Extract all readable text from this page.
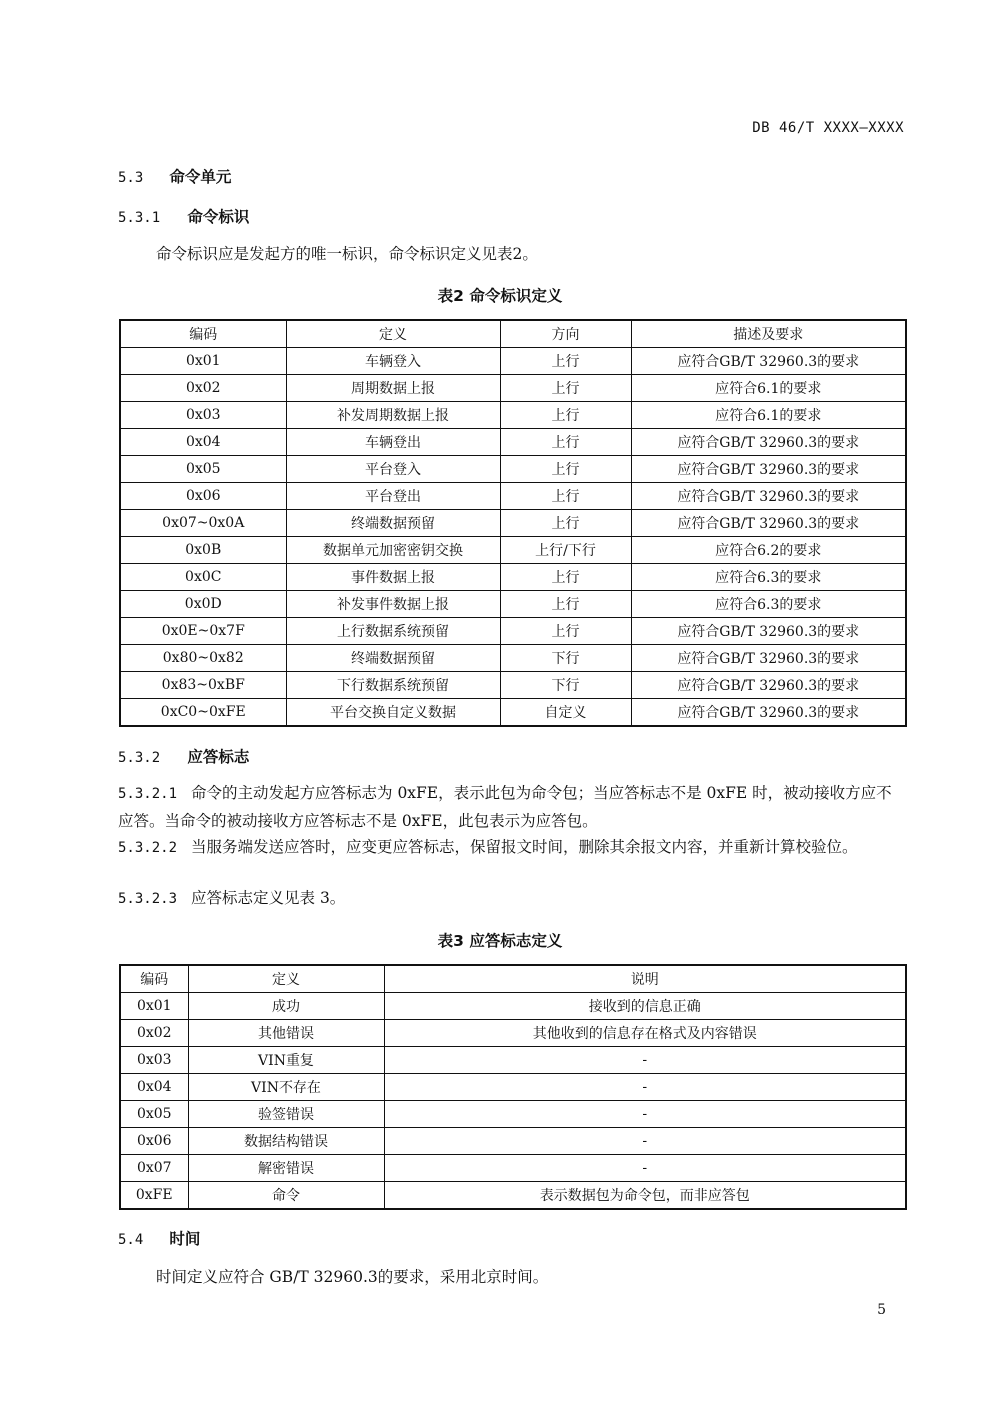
DB 46/T XXXX—XXXX
5.3 命令单元
5.3.1 命令标识
命令标识应是发起方的唯一标识，命令标识定义见表2。
表2 命令标识定义
编码	定义	方向	描述及要求
0x01	车辆登入	上行	应符合GB/T 32960.3的要求
0x02	周期数据上报	上行	应符合6.1的要求
0x03	补发周期数据上报	上行	应符合6.1的要求
0x04	车辆登出	上行	应符合GB/T 32960.3的要求
0x05	平台登入	上行	应符合GB/T 32960.3的要求
0x06	平台登出	上行	应符合GB/T 32960.3的要求
0x07~0x0A	终端数据预留	上行	应符合GB/T 32960.3的要求
0x0B	数据单元加密密钥交换	上行/下行	应符合6.2的要求
0x0C	事件数据上报	上行	应符合6.3的要求
0x0D	补发事件数据上报	上行	应符合6.3的要求
0x0E~0x7F	上行数据系统预留	上行	应符合GB/T 32960.3的要求
0x80~0x82	终端数据预留	下行	应符合GB/T 32960.3的要求
0x83~0xBF	下行数据系统预留	下行	应符合GB/T 32960.3的要求
0xC0~0xFE	平台交换自定义数据	自定义	应符合GB/T 32960.3的要求
5.3.2 应答标志
5.3.2.1 命令的主动发起方应答标志为 0xFE，表示此包为命令包；当应答标志不是 0xFE 时，被动接收方应不应答。当命令的被动接收方应答标志不是 0xFE，此包表示为应答包。
5.3.2.2 当服务端发送应答时，应变更应答标志，保留报文时间，删除其余报文内容，并重新计算校验位。
5.3.2.3 应答标志定义见表 3。
表3 应答标志定义
编码	定义	说明
0x01	成功	接收到的信息正确
0x02	其他错误	其他收到的信息存在格式及内容错误
0x03	VIN重复	-
0x04	VIN不存在	-
0x05	验签错误	-
0x06	数据结构错误	-
0x07	解密错误	-
0xFE	命令	表示数据包为命令包，而非应答包
5.4 时间
时间定义应符合 GB/T 32960.3的要求，采用北京时间。
5
